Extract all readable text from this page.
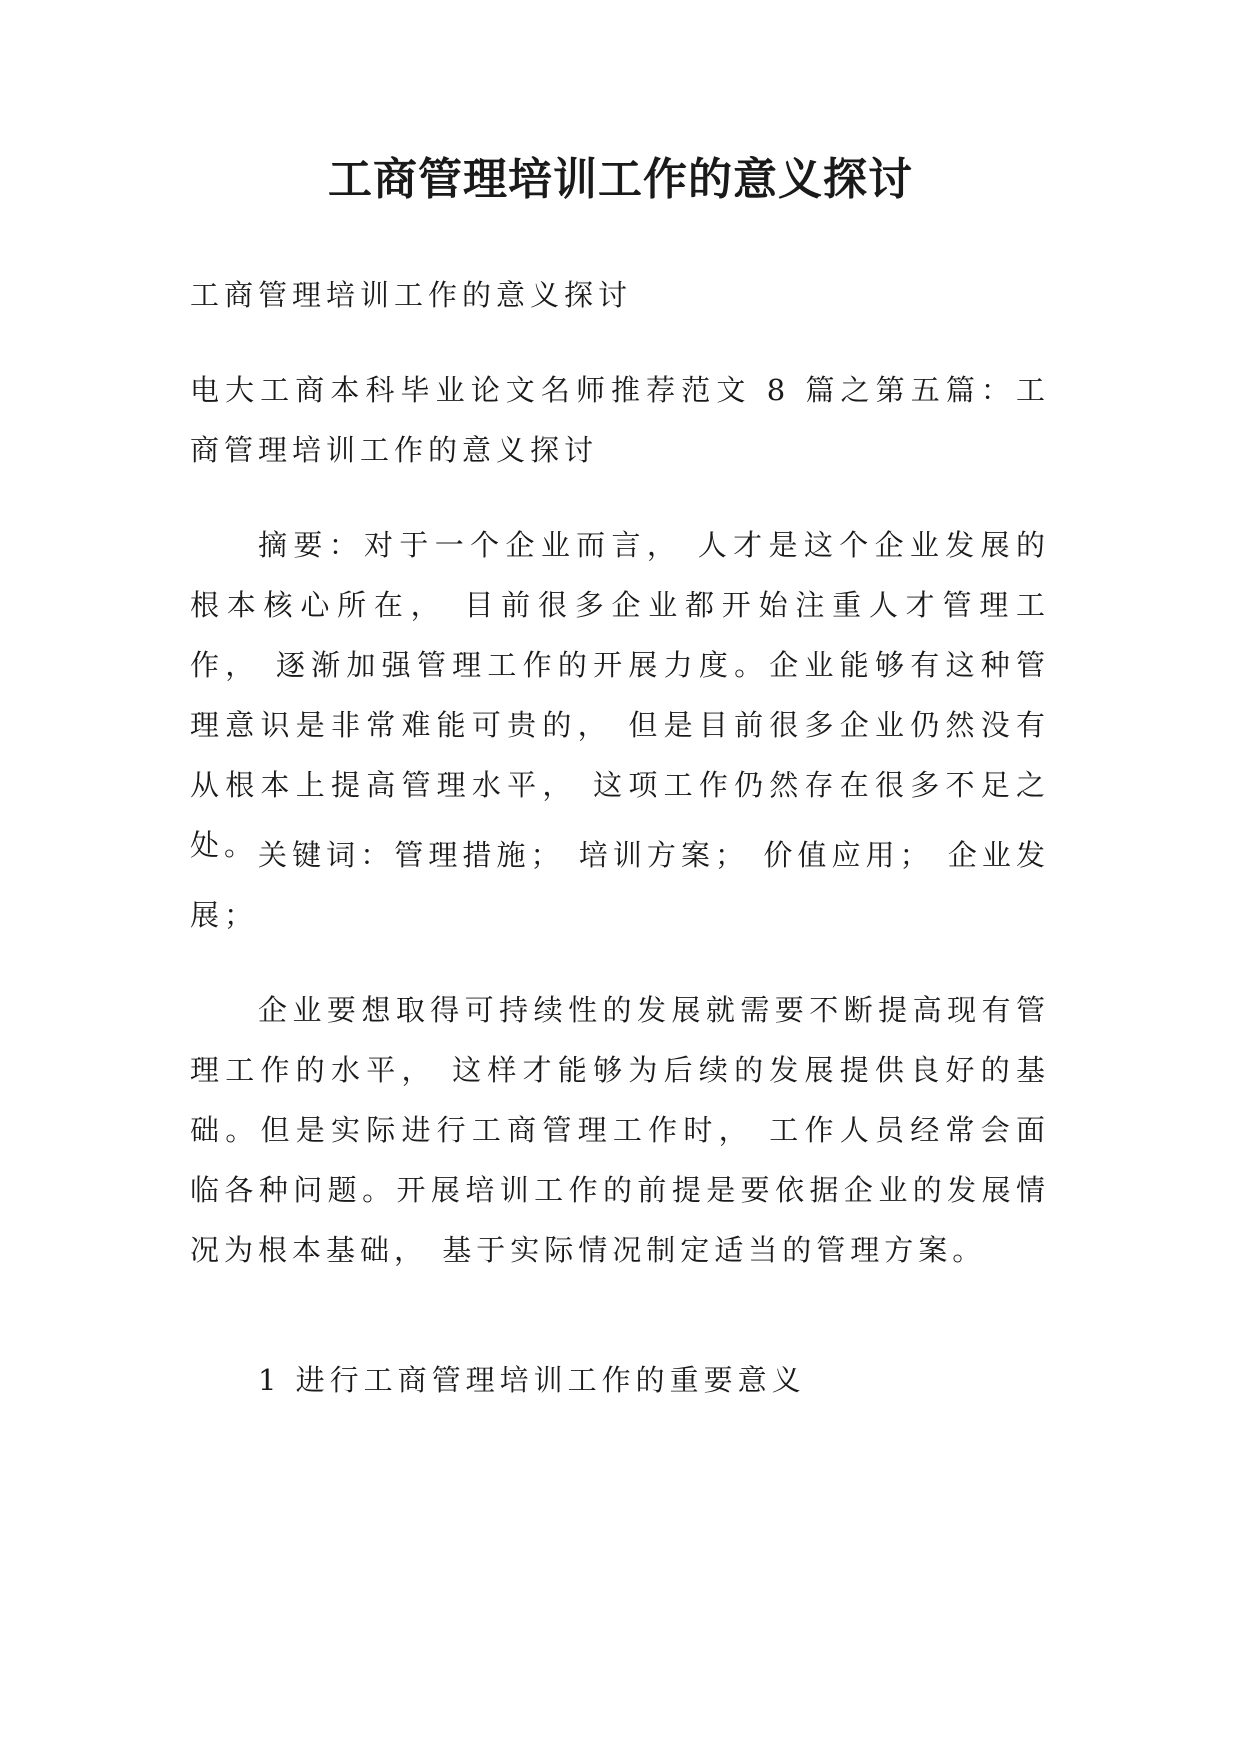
工商管理培训工作的意义探讨

工商管理培训工作的意义探讨

电大工商本科毕业论文名师推荐范文 8 篇之第五篇：工商管理培训工作的意义探讨

摘要：对于一个企业而言， 人才是这个企业发展的根本核心所在， 目前很多企业都开始注重人才管理工作， 逐渐加强管理工作的开展力度。企业能够有这种管理意识是非常难能可贵的， 但是目前很多企业仍然没有从根本上提高管理水平， 这项工作仍然存在很多不足之处。 关键词：管理措施； 培训方案； 价值应用； 企业发展；

企业要想取得可持续性的发展就需要不断提高现有管理工作的水平， 这样才能够为后续的发展提供良好的基础。但是实际进行工商管理工作时， 工作人员经常会面临各种问题。开展培训工作的前提是要依据企业的发展情况为根本基础， 基于实际情况制定适当的管理方案。

1 进行工商管理培训工作的重要意义
